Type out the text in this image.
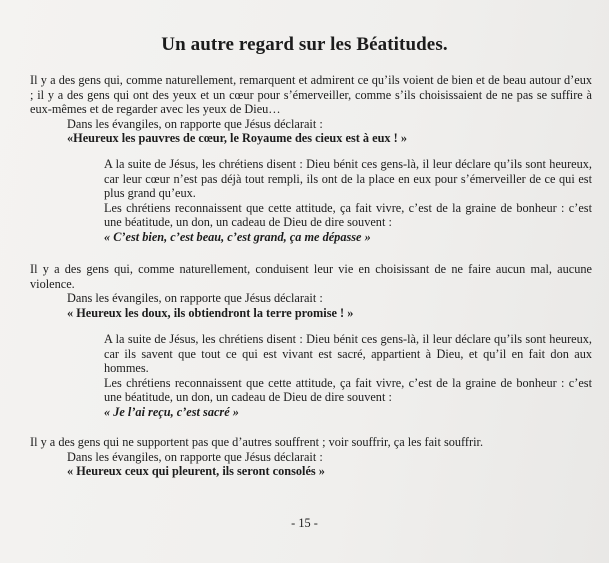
Un autre regard sur les Béatitudes.

Il y a des gens qui, comme naturellement, remarquent et admirent ce qu’ils voient de bien et de beau autour d’eux ; il y a des gens qui ont des yeux et un cœur pour s’émerveiller, comme s’ils choisissaient de ne pas se suffire à eux-mêmes et de regarder avec les yeux de Dieu…

Dans les évangiles, on rapporte que Jésus déclarait :

«Heureux les pauvres de cœur, le Royaume des cieux est à eux ! »

A la suite de Jésus, les chrétiens disent : Dieu bénit ces gens-là, il leur déclare qu’ils sont heureux, car leur cœur n’est pas déjà tout rempli, ils ont de la place en eux pour s’émerveiller de ce qui est plus grand qu’eux.

Les chrétiens reconnaissent que cette attitude, ça fait vivre, c’est de la graine de bonheur : c’est une béatitude, un don, un cadeau de Dieu de dire souvent :

« C’est bien, c’est beau, c’est grand, ça me dépasse »

Il y a des gens qui, comme naturellement, conduisent leur vie en choisissant de ne faire aucun mal, aucune violence.

Dans les évangiles, on rapporte que Jésus déclarait :

« Heureux les doux, ils obtiendront la terre promise ! »

A la suite de Jésus, les chrétiens disent : Dieu bénit ces gens-là, il leur déclare qu’ils sont heureux, car ils savent que tout ce qui est vivant est sacré, appartient à Dieu, et qu’il en fait don aux hommes.

Les chrétiens reconnaissent que cette attitude, ça fait vivre, c’est de la graine de bonheur : c’est une béatitude, un don, un cadeau de Dieu de dire souvent :

« Je l’ai reçu, c’est sacré »

Il y a des gens qui ne supportent pas que d’autres souffrent ; voir souffrir, ça les fait souffrir.

Dans les évangiles, on rapporte que Jésus déclarait :

« Heureux ceux qui pleurent, ils seront consolés »

- 15 -
